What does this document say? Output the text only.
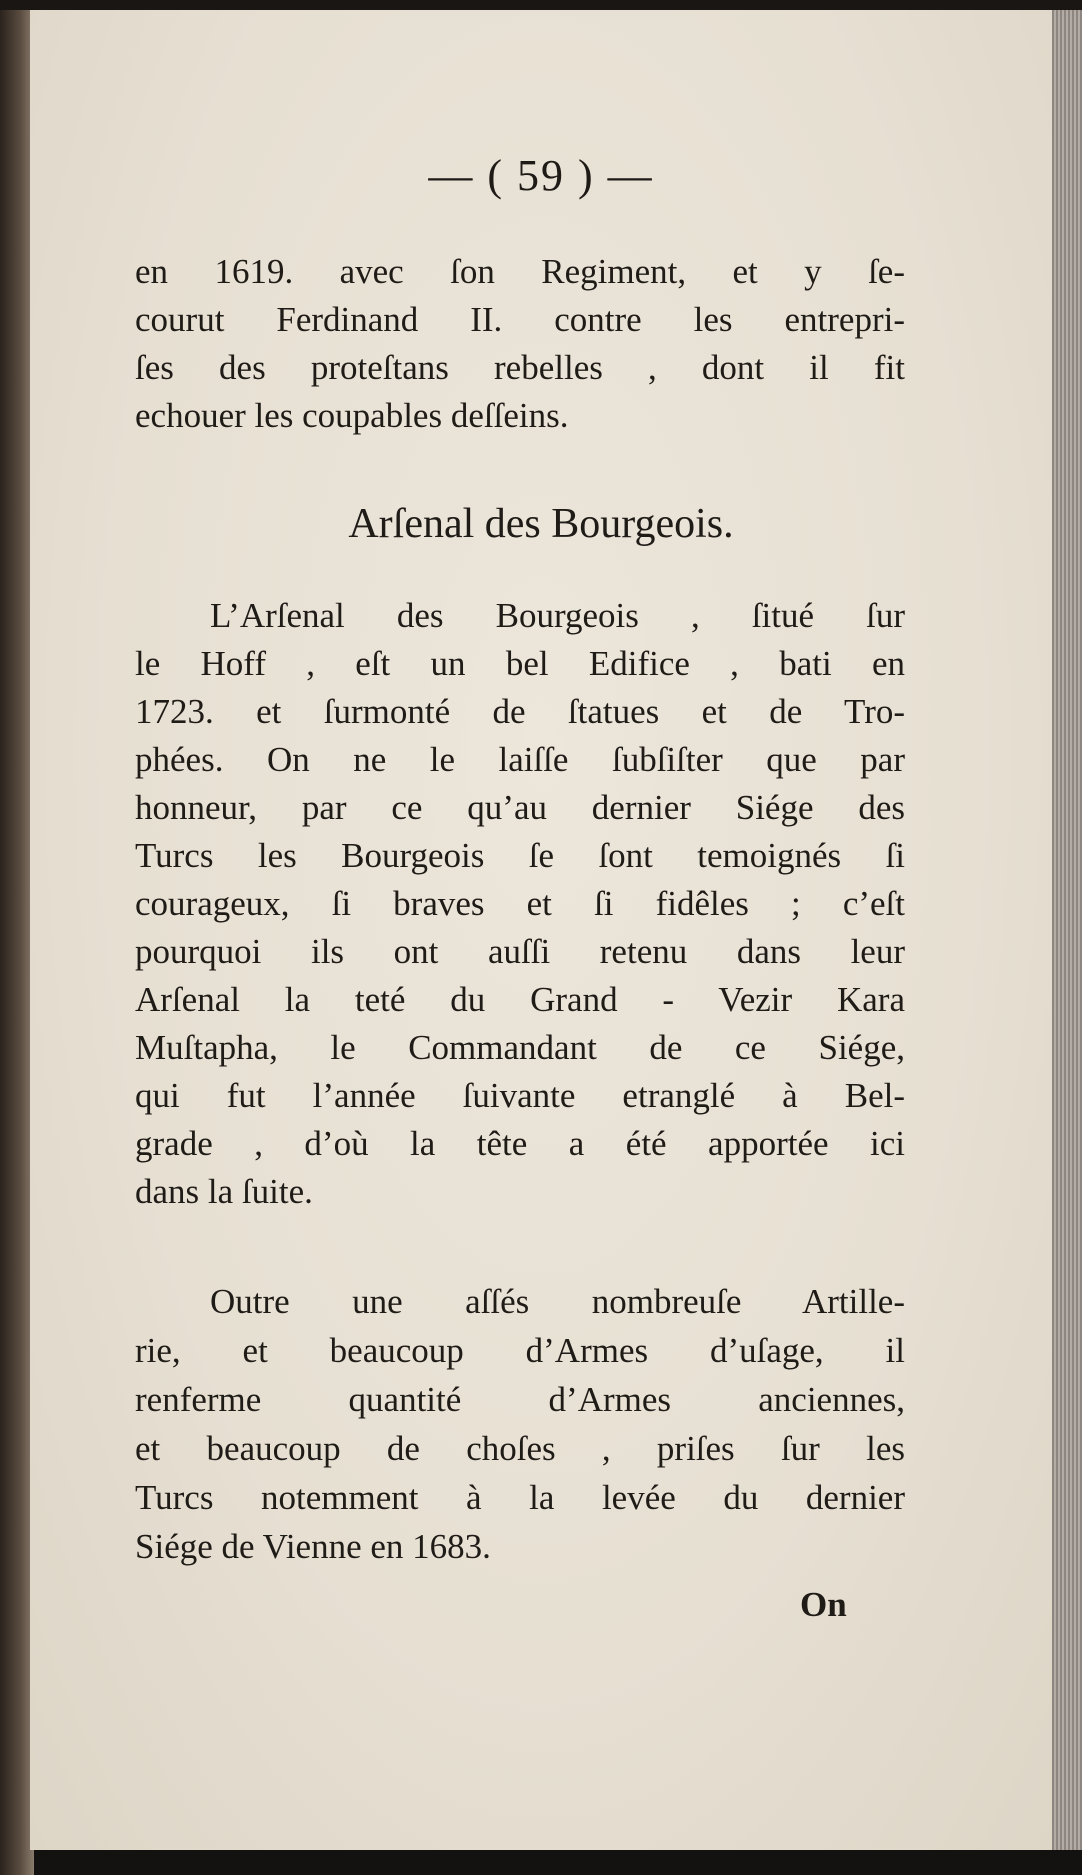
— ( 59 ) —
en 1619. avec ſon Regiment, et y ſe-
courut Ferdinand II. contre les entrepri-
ſes des proteſtans rebelles , dont il fit
echouer les coupables deſſeins.
Arſenal des Bourgeois.
L’Arſenal des Bourgeois , ſitué ſur
le Hoff , eſt un bel Edifice , bati en
1723. et ſurmonté de ſtatues et de Tro-
phées. On ne le laiſſe ſubſiſter que par
honneur, par ce qu’au dernier Siége des
Turcs les Bourgeois ſe ſont temoignés ſi
courageux, ſi braves et ſi fidêles ; c’eſt
pourquoi ils ont auſſi retenu dans leur
Arſenal la teté du Grand - Vezir Kara
Muſtapha, le Commandant de ce Siége,
qui fut l’année ſuivante etranglé à Bel-
grade , d’où la tête a été apportée ici
dans la ſuite.
Outre une aſſés nombreuſe Artille-
rie, et beaucoup d’Armes d’uſage, il
renferme quantité d’Armes anciennes,
et beaucoup de choſes , priſes ſur les
Turcs notemment à la levée du dernier
Siége de Vienne en 1683.
On
